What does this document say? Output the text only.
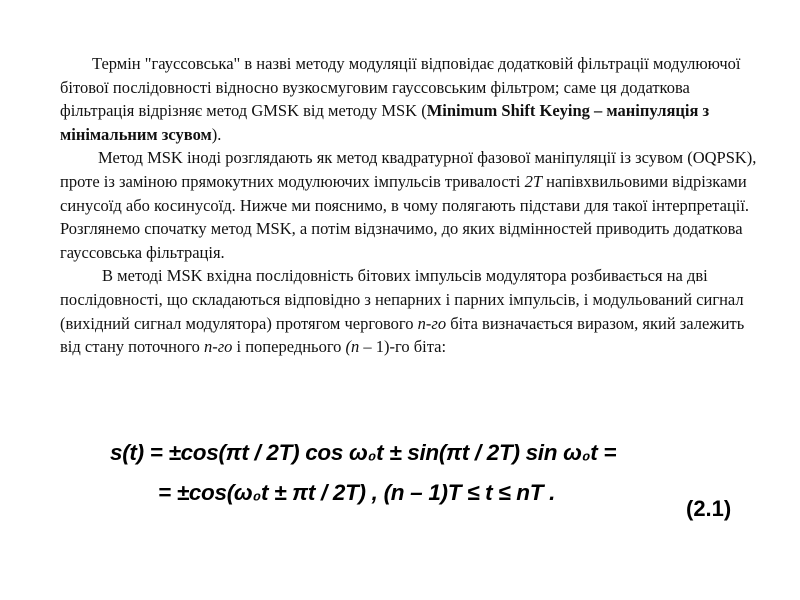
Термін "гауссовська" в назві методу модуляції відповідає додатковій фільтрації модулюючої бітової послідовності відносно вузкосмуговим гауссовським фільтром; саме ця додаткова фільтрація відрізняє метод GMSK від методу MSK (Minimum Shift Keying – маніпуляція з мінімальним зсувом).

Метод MSK іноді розглядають як метод квадратурної фазової маніпуляції із зсувом (OQPSK), проте із заміною прямокутних модулюючих імпульсів тривалості 2T напівхвильовими відрізками синусоїд або косинусоїд. Нижче ми пояснимо, в чому полягають підстави для такої інтерпретації. Розглянемо спочатку метод MSK, а потім відзначимо, до яких відмінностей приводить додаткова гауссовська фільтрація.

В методі MSK вхідна послідовність бітових імпульсів модулятора розбивається на дві послідовності, що складаються відповідно з непарних і парних імпульсів, і модульований сигнал (вихідний сигнал модулятора) протягом чергового n-го біта визначається виразом, який залежить від стану поточного n-го і попереднього (n – 1)-го біта:

s(t) = ±cos(πt / 2T) cos ω₀t ± sin(πt / 2T) sin ω₀t =
= ±cos(ω₀t ± πt / 2T) , (n – 1)T ≤ t ≤ nT .
(2.1)
